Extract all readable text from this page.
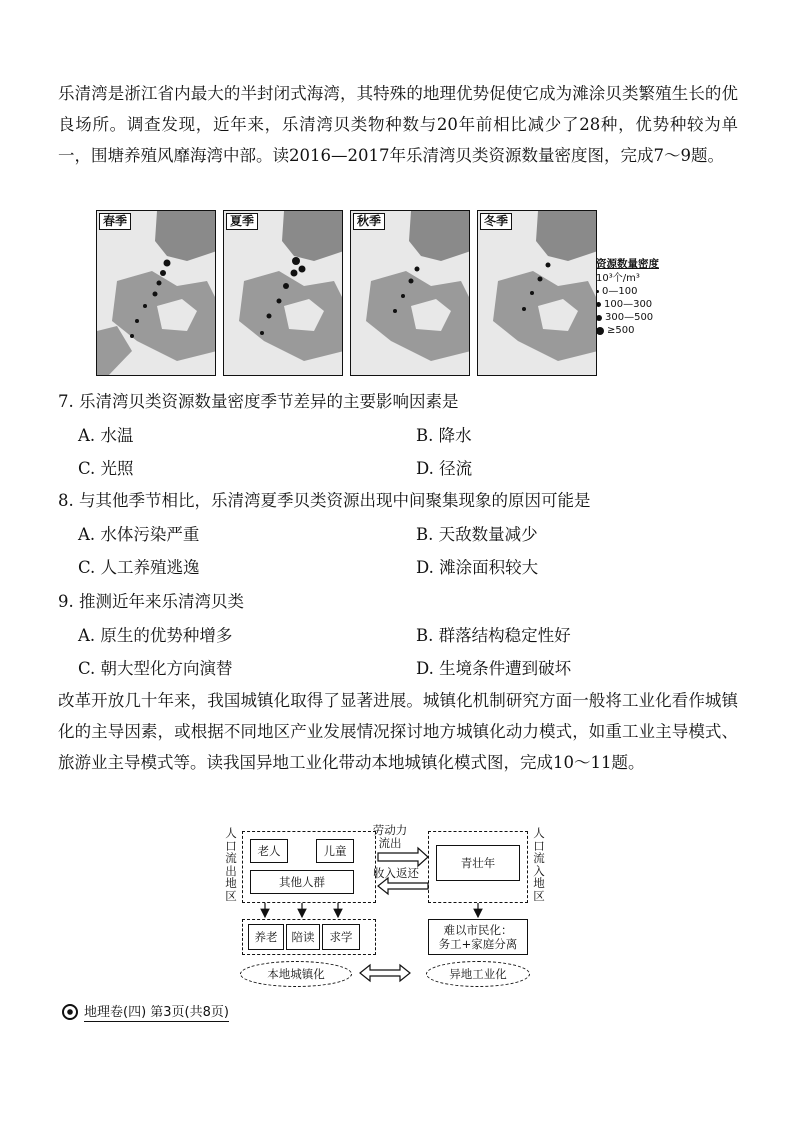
乐清湾是浙江省内最大的半封闭式海湾，其特殊的地理优势促使它成为滩涂贝类繁殖生长的优良场所。调查发现，近年来，乐清湾贝类物种数与20年前相比减少了28种，优势种较为单一，围塘养殖风靡海湾中部。读2016—2017年乐清湾贝类资源数量密度图，完成7～9题。
春季	夏季	秋季	冬季
资源数量密度
10³个/m³
0—100
100—300
300—500
≥500
7. 乐清湾贝类资源数量密度季节差异的主要影响因素是
A. 水温	B. 降水
C. 光照	D. 径流
8. 与其他季节相比，乐清湾夏季贝类资源出现中间聚集现象的原因可能是
A. 水体污染严重	B. 天敌数量减少
C. 人工养殖逃逸	D. 滩涂面积较大
9. 推测近年来乐清湾贝类
A. 原生的优势种增多	B. 群落结构稳定性好
C. 朝大型化方向演替	D. 生境条件遭到破坏
改革开放几十年来，我国城镇化取得了显著进展。城镇化机制研究方面一般将工业化看作城镇化的主导因素，或根据不同地区产业发展情况探讨地方城镇化动力模式，如重工业主导模式、旅游业主导模式等。读我国异地工业化带动本地城镇化模式图，完成10～11题。
人口流出地区
人口流入地区
老人	儿童
其他人群
青壮年
劳动力流出
收入返还
养老	陪读	求学	难以市民化：
务工+家庭分离
本地城镇化	异地工业化
地理卷(四) 第3页(共8页)
